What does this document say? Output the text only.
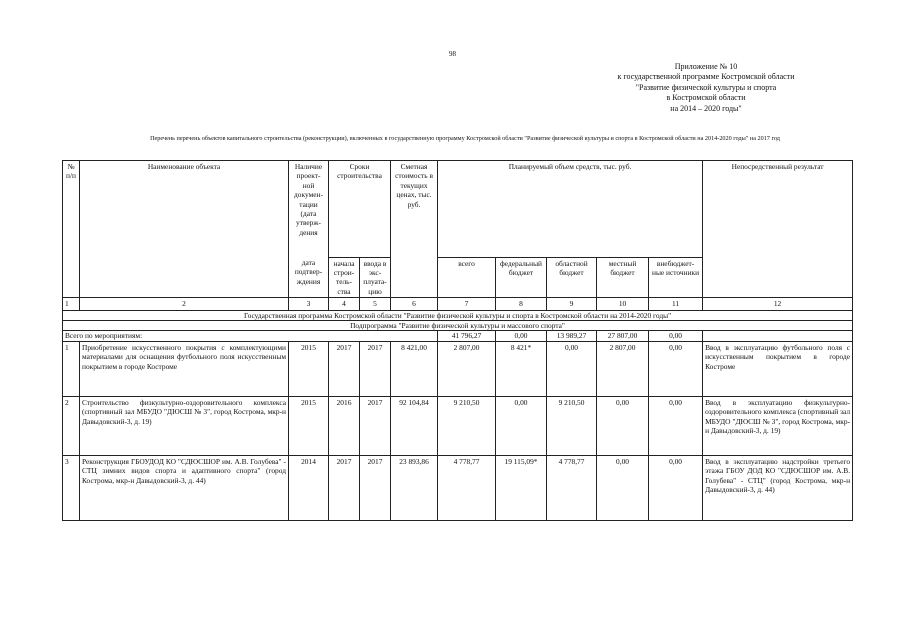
98
Приложение № 10
к государственной программе Костромской области
"Развитие физической культуры и спорта
в Костромской области
на 2014 – 2020 годы"
Перечень перечень объектов капитального строительства (реконструкции), включенных в государственную программу Костромской области "Развитие физической культуры и спорта в Костромской области на 2014-2020 годы" на 2017 год
№ п/п	Наименование объекта	Наличие проект-ной докумен-тации (дата утверж-дения	Сроки строительства		Сметная стоимость в текущих ценах, тыс. руб.	Планируемый объем средств, тыс. руб.					Непосредственный результат
		дата подтвер-ждения	начала строи-тель-ства	ввода в экс-плуата-цию		всего	федеральный бюджет	областной бюджет	местный бюджет	внебюджет-ные источники	
1	2	3	4	5	6	7	8	9	10	11	12
Государственная программа Костромской области "Развитие физической культуры и спорта в Костромской области на 2014-2020 годы"											
Подпрограмма "Развитие физической культуры и массового спорта"											
Всего по мероприятиям:						41 796,27	0,00	13 989,27	27 807,00	0,00	
1	Приобретение искусственного покрытия с комплектующими материалами для оснащения футбольного поля искусственным покрытием в городе Костроме	2015	2017	2017	8 421,00	2 807,00	8 421*	0,00	2 807,00	0,00	Ввод в эксплуатацию футбольного поля с искусственным покрытием в городе Костроме
2	Строительство физкультурно-оздоровительного комплекса (спортивный зал МБУДО "ДЮСШ № 3", город Кострома, мкр-н Давыдовский-3, д. 19)	2015	2016	2017	92 104,84	9 210,50	0,00	9 210,50	0,00	0,00	Ввод в эксплуатацию физкультурно-оздоровительного комплекса (спортивный зал МБУДО "ДЮСШ № 3", город Кострома, мкр-н Давыдовский-3, д. 19)
3	Реконструкция ГБОУДОД КО "СДЮСШОР им. А.В. Голубева" - СТЦ зимних видов спорта и адаптивного спорта" (город Кострома, мкр-н Давыдовский-3, д. 44)	2014	2017	2017	23 893,86	4 778,77	19 115,09*	4 778,77	0,00	0,00	Ввод в эксплуатацию надстройки третьего этажа ГБОУ ДОД КО "СДЮСШОР им. А.В. Голубева" - СТЦ" (город Кострома, мкр-н Давыдовский-3, д. 44)
